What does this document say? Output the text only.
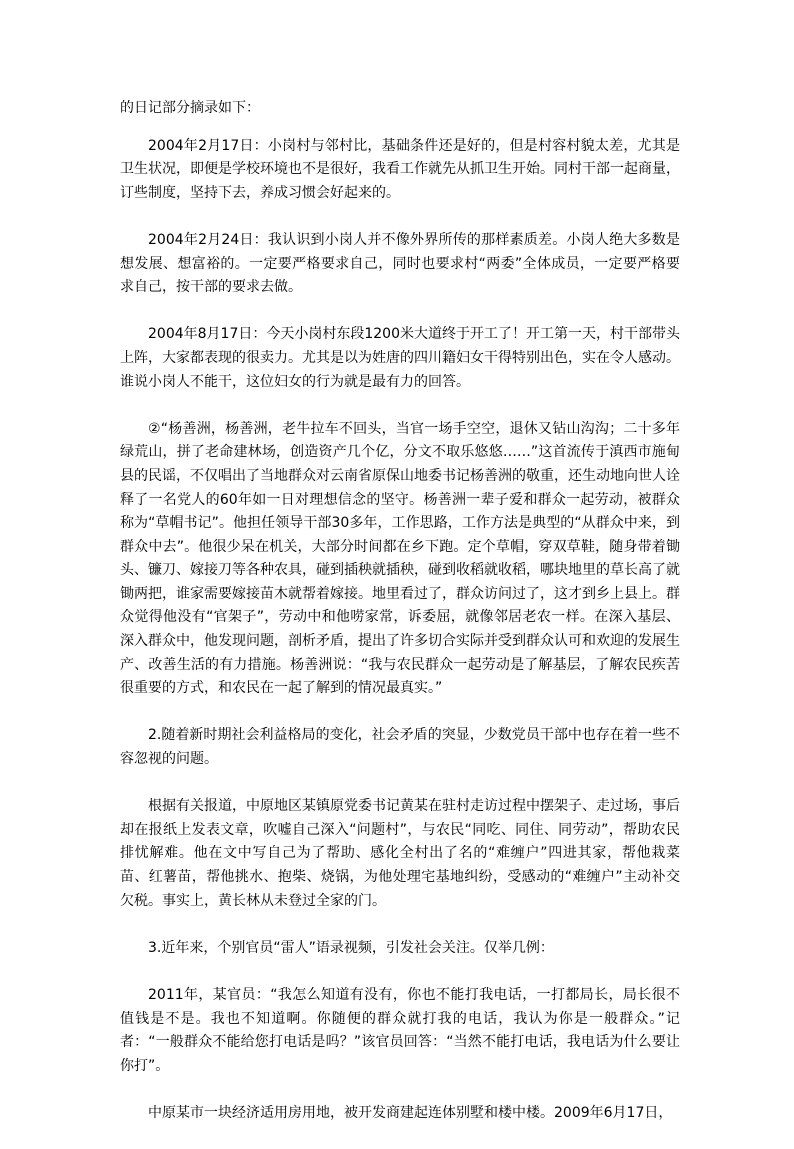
的日记部分摘录如下：

2004年2月17日：小岗村与邻村比，基础条件还是好的，但是村容村貌太差，尤其是卫生状况，即便是学校环境也不是很好，我看工作就先从抓卫生开始。同村干部一起商量，订些制度，坚持下去，养成习惯会好起来的。

2004年2月24日：我认识到小岗人并不像外界所传的那样素质差。小岗人绝大多数是想发展、想富裕的。一定要严格要求自己，同时也要求村“两委”全体成员，一定要严格要求自己，按干部的要求去做。

2004年8月17日：今天小岗村东段1200米大道终于开工了！开工第一天，村干部带头上阵，大家都表现的很卖力。尤其是以为姓唐的四川籍妇女干得特别出色，实在令人感动。谁说小岗人不能干，这位妇女的行为就是最有力的回答。

②“杨善洲，杨善洲，老牛拉车不回头，当官一场手空空，退休又钻山沟沟；二十多年绿荒山，拼了老命建林场，创造资产几个亿，分文不取乐悠悠……”这首流传于滇西市施甸县的民谣，不仅唱出了当地群众对云南省原保山地委书记杨善洲的敬重，还生动地向世人诠释了一名党人的60年如一日对理想信念的坚守。杨善洲一辈子爱和群众一起劳动，被群众称为“草帽书记”。他担任领导干部30多年，工作思路，工作方法是典型的“从群众中来，到群众中去”。他很少呆在机关，大部分时间都在乡下跑。定个草帽，穿双草鞋，随身带着锄头、镰刀、嫁接刀等各种农具，碰到插秧就插秧，碰到收稻就收稻，哪块地里的草长高了就锄两把，谁家需要嫁接苗木就帮着嫁接。地里看过了，群众访问过了，这才到乡上县上。群众觉得他没有“官架子”，劳动中和他唠家常，诉委屈，就像邻居老农一样。在深入基层、深入群众中，他发现问题，剖析矛盾，提出了许多切合实际并受到群众认可和欢迎的发展生产、改善生活的有力措施。杨善洲说：“我与农民群众一起劳动是了解基层，了解农民疾苦很重要的方式，和农民在一起了解到的情况最真实。”

2.随着新时期社会利益格局的变化，社会矛盾的突显，少数党员干部中也存在着一些不容忽视的问题。

根据有关报道，中原地区某镇原党委书记黄某在驻村走访过程中摆架子、走过场，事后却在报纸上发表文章，吹嘘自己深入“问题村”，与农民“同吃、同住、同劳动”，帮助农民排忧解难。他在文中写自己为了帮助、感化全村出了名的“难缠户”四进其家，帮他栽菜苗、红薯苗，帮他挑水、抱柴、烧锅，为他处理宅基地纠纷，受感动的“难缠户”主动补交欠税。事实上，黄长林从未登过全家的门。

3.近年来，个别官员“雷人”语录视频，引发社会关注。仅举几例：

2011年，某官员：“我怎么知道有没有，你也不能打我电话，一打都局长，局长很不值钱是不是。我也不知道啊。你随便的群众就打我的电话，我认为你是一般群众。”记者：“一般群众不能给您打电话是吗？”该官员回答：“当然不能打电话，我电话为什么要让你打”。

中原某市一块经济适用房用地，被开发商建起连体别墅和楼中楼。2009年6月17日，
